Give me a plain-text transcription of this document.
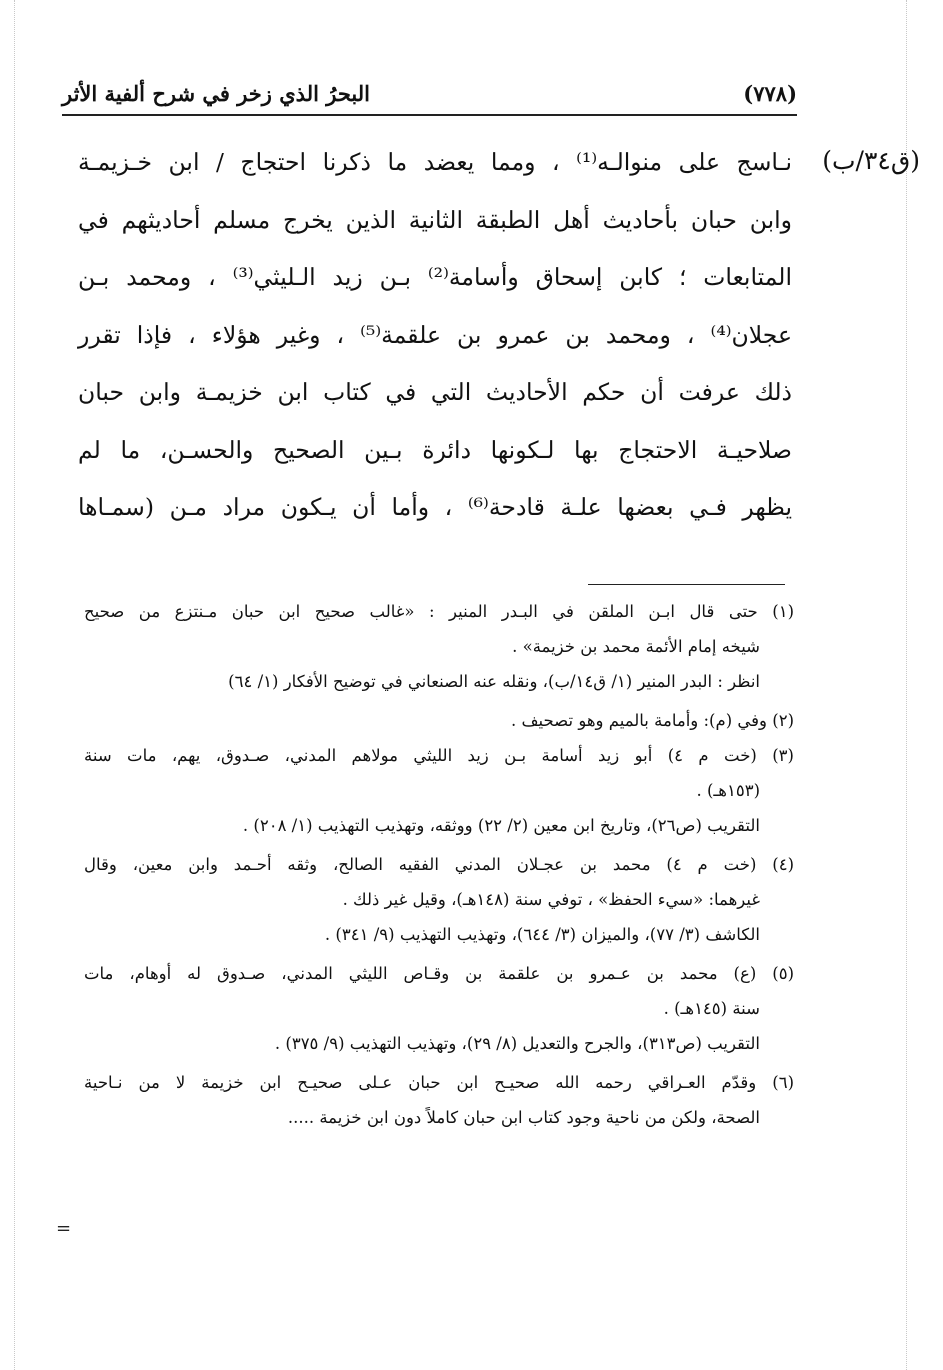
(٧٧٨)
البحرُ الذي زخر في شرح ألفية الأثر
(ق٣٤/ب)
نـاسج على منوالـه⁽¹⁾ ، ومما يعضد ما ذكرنا احتجاج / ابن خـزيمـة
وابن حبان بأحاديث أهل الطبقة الثانية الذين يخرج مسلم أحاديثهم في
المتابعات ؛ كابن إسحاق وأسامة⁽²⁾ بـن زيد الـليثي⁽³⁾ ، ومحمد بـن
عجلان⁽⁴⁾ ، ومحمد بن عمرو بن علقمة⁽⁵⁾ ، وغير هؤلاء ، فإذا تقرر
ذلك عرفت أن حكم الأحاديث التي في كتاب ابن خزيمـة وابن حبان
صلاحيـة الاحتجاج بها لـكونها دائرة بـين الصحيح والحسـن، ما لم
يظهر فـي بعضها علـة قادحة⁽⁶⁾ ، وأما أن يـكون مراد مـن (سمـاها
(١) حتى قال ابـن الملقن في البـدر المنير : «غالب صحيح ابن حبان مـنتزع من صحيح
شيخه إمام الأئمة محمد بن خزيمة» .
انظر : البدر المنير (١/ ق١٤/ب)، ونقله عنه الصنعاني في توضيح الأفكار (١/ ٦٤)
(٢) وفي (م): وأمامة بالميم وهو تصحيف .
(٣) (خت م ٤) أبو زيد أسامة بـن زيد الليثي مولاهم المدني، صـدوق، يهم، مات سنة
(١٥٣هـ) .
التقريب (ص٢٦)، وتاريخ ابن معين (٢/ ٢٢) ووثقه، وتهذيب التهذيب (١/ ٢٠٨) .
(٤) (خت م ٤) محمد بن عجـلان المدني الفقيه الصالح، وثقه أحـمد وابن معين، وقال
غيرهما: «سيء الحفظ» ، توفي سنة (١٤٨هـ)، وقيل غير ذلك .
الكاشف (٣/ ٧٧)، والميزان (٣/ ٦٤٤)، وتهذيب التهذيب (٩/ ٣٤١) .
(٥) (ع) محمد بن عـمرو بن علقمة بن وقـاص الليثي المدني، صـدوق له أوهام، مات
سنة (١٤٥هـ) .
التقريب (ص٣١٣)، والجرح والتعديل (٨/ ٢٩)، وتهذيب التهذيب (٩/ ٣٧٥) .
(٦) وقدّم العـراقي رحمه الله صحيـح ابن حبان عـلى صحيـح ابن خزيمة لا من نـاحية
الصحة، ولكن من ناحية وجود كتاب ابن حبان كاملاً دون ابن خزيمة .....
=
